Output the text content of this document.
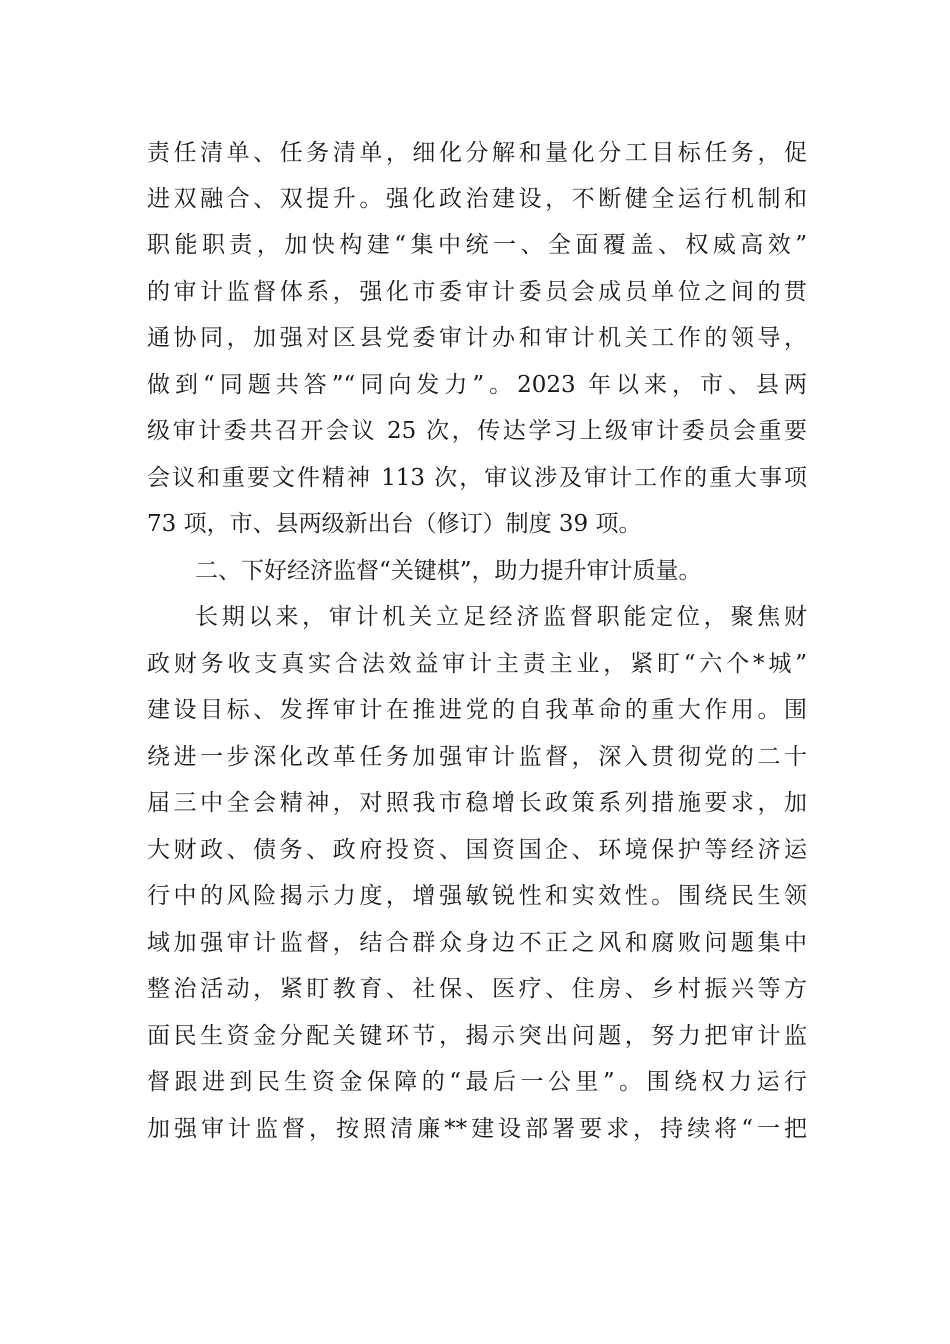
责任清单、任务清单，细化分解和量化分工目标任务，促
进双融合、双提升。强化政治建设，不断健全运行机制和
职能职责，加快构建“集中统一、全面覆盖、权威高效”
的审计监督体系，强化市委审计委员会成员单位之间的贯
通协同，加强对区县党委审计办和审计机关工作的领导，
做到“同题共答”“同向发力”。2023 年以来，市、县两
级审计委共召开会议 25 次，传达学习上级审计委员会重要
会议和重要文件精神 113 次，审议涉及审计工作的重大事项
73 项，市、县两级新出台（修订）制度 39 项。
二、下好经济监督“关键棋”，助力提升审计质量。
长期以来，审计机关立足经济监督职能定位，聚焦财
政财务收支真实合法效益审计主责主业，紧盯“六个*城”
建设目标、发挥审计在推进党的自我革命的重大作用。围
绕进一步深化改革任务加强审计监督，深入贯彻党的二十
届三中全会精神，对照我市稳增长政策系列措施要求，加
大财政、债务、政府投资、国资国企、环境保护等经济运
行中的风险揭示力度，增强敏锐性和实效性。围绕民生领
域加强审计监督，结合群众身边不正之风和腐败问题集中
整治活动，紧盯教育、社保、医疗、住房、乡村振兴等方
面民生资金分配关键环节，揭示突出问题，努力把审计监
督跟进到民生资金保障的“最后一公里”。围绕权力运行
加强审计监督，按照清廉**建设部署要求，持续将“一把
